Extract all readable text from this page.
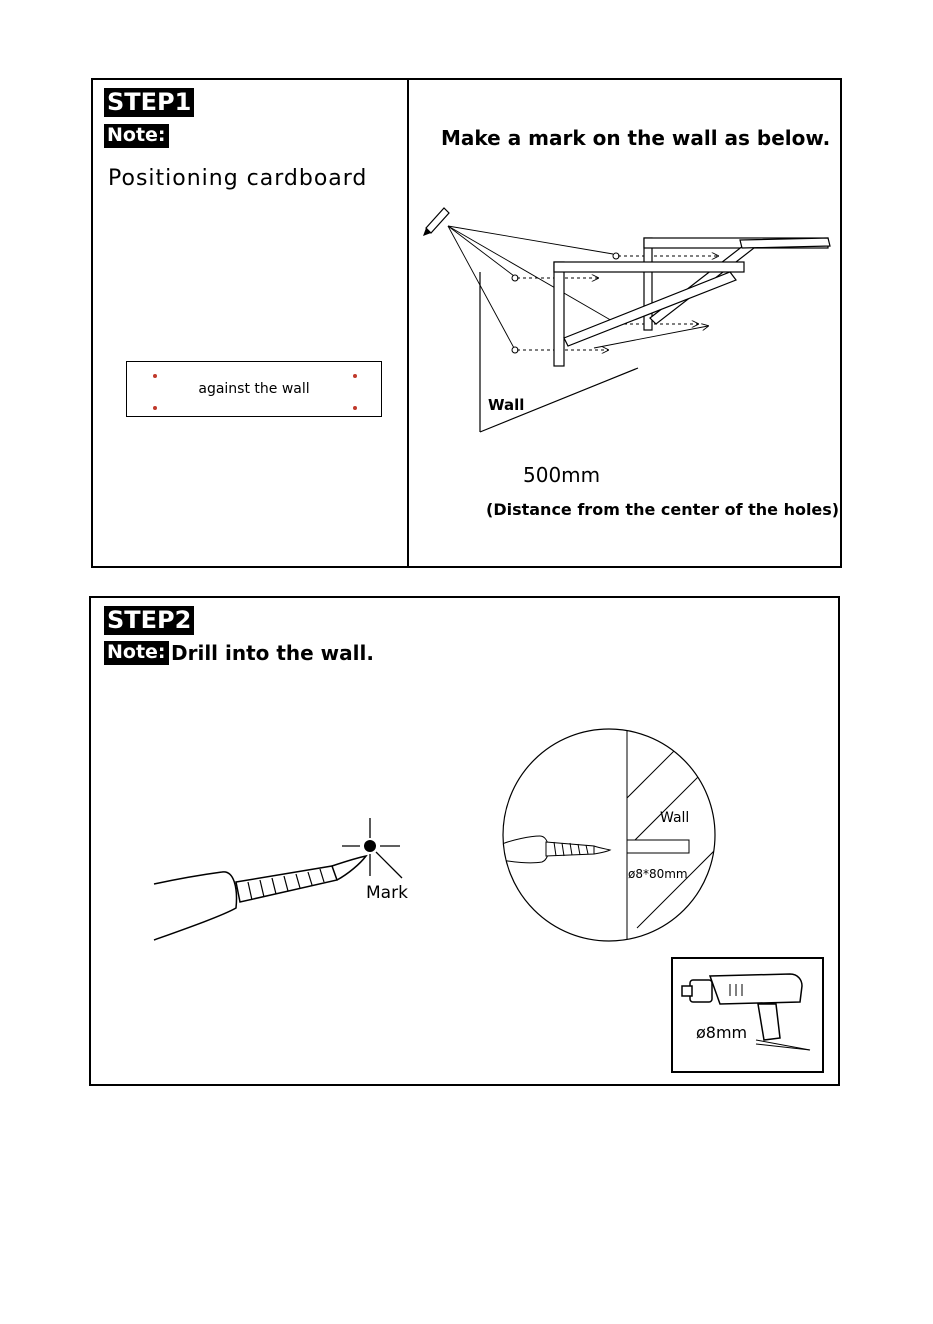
STEP1
Note:
Positioning cardboard
against the wall
Make a mark on the wall as below.
Wall
500mm
(Distance from the center of the holes)
STEP2
Note: Drill into the wall.
Mark
Wall
ø8*80mm
ø8mm
